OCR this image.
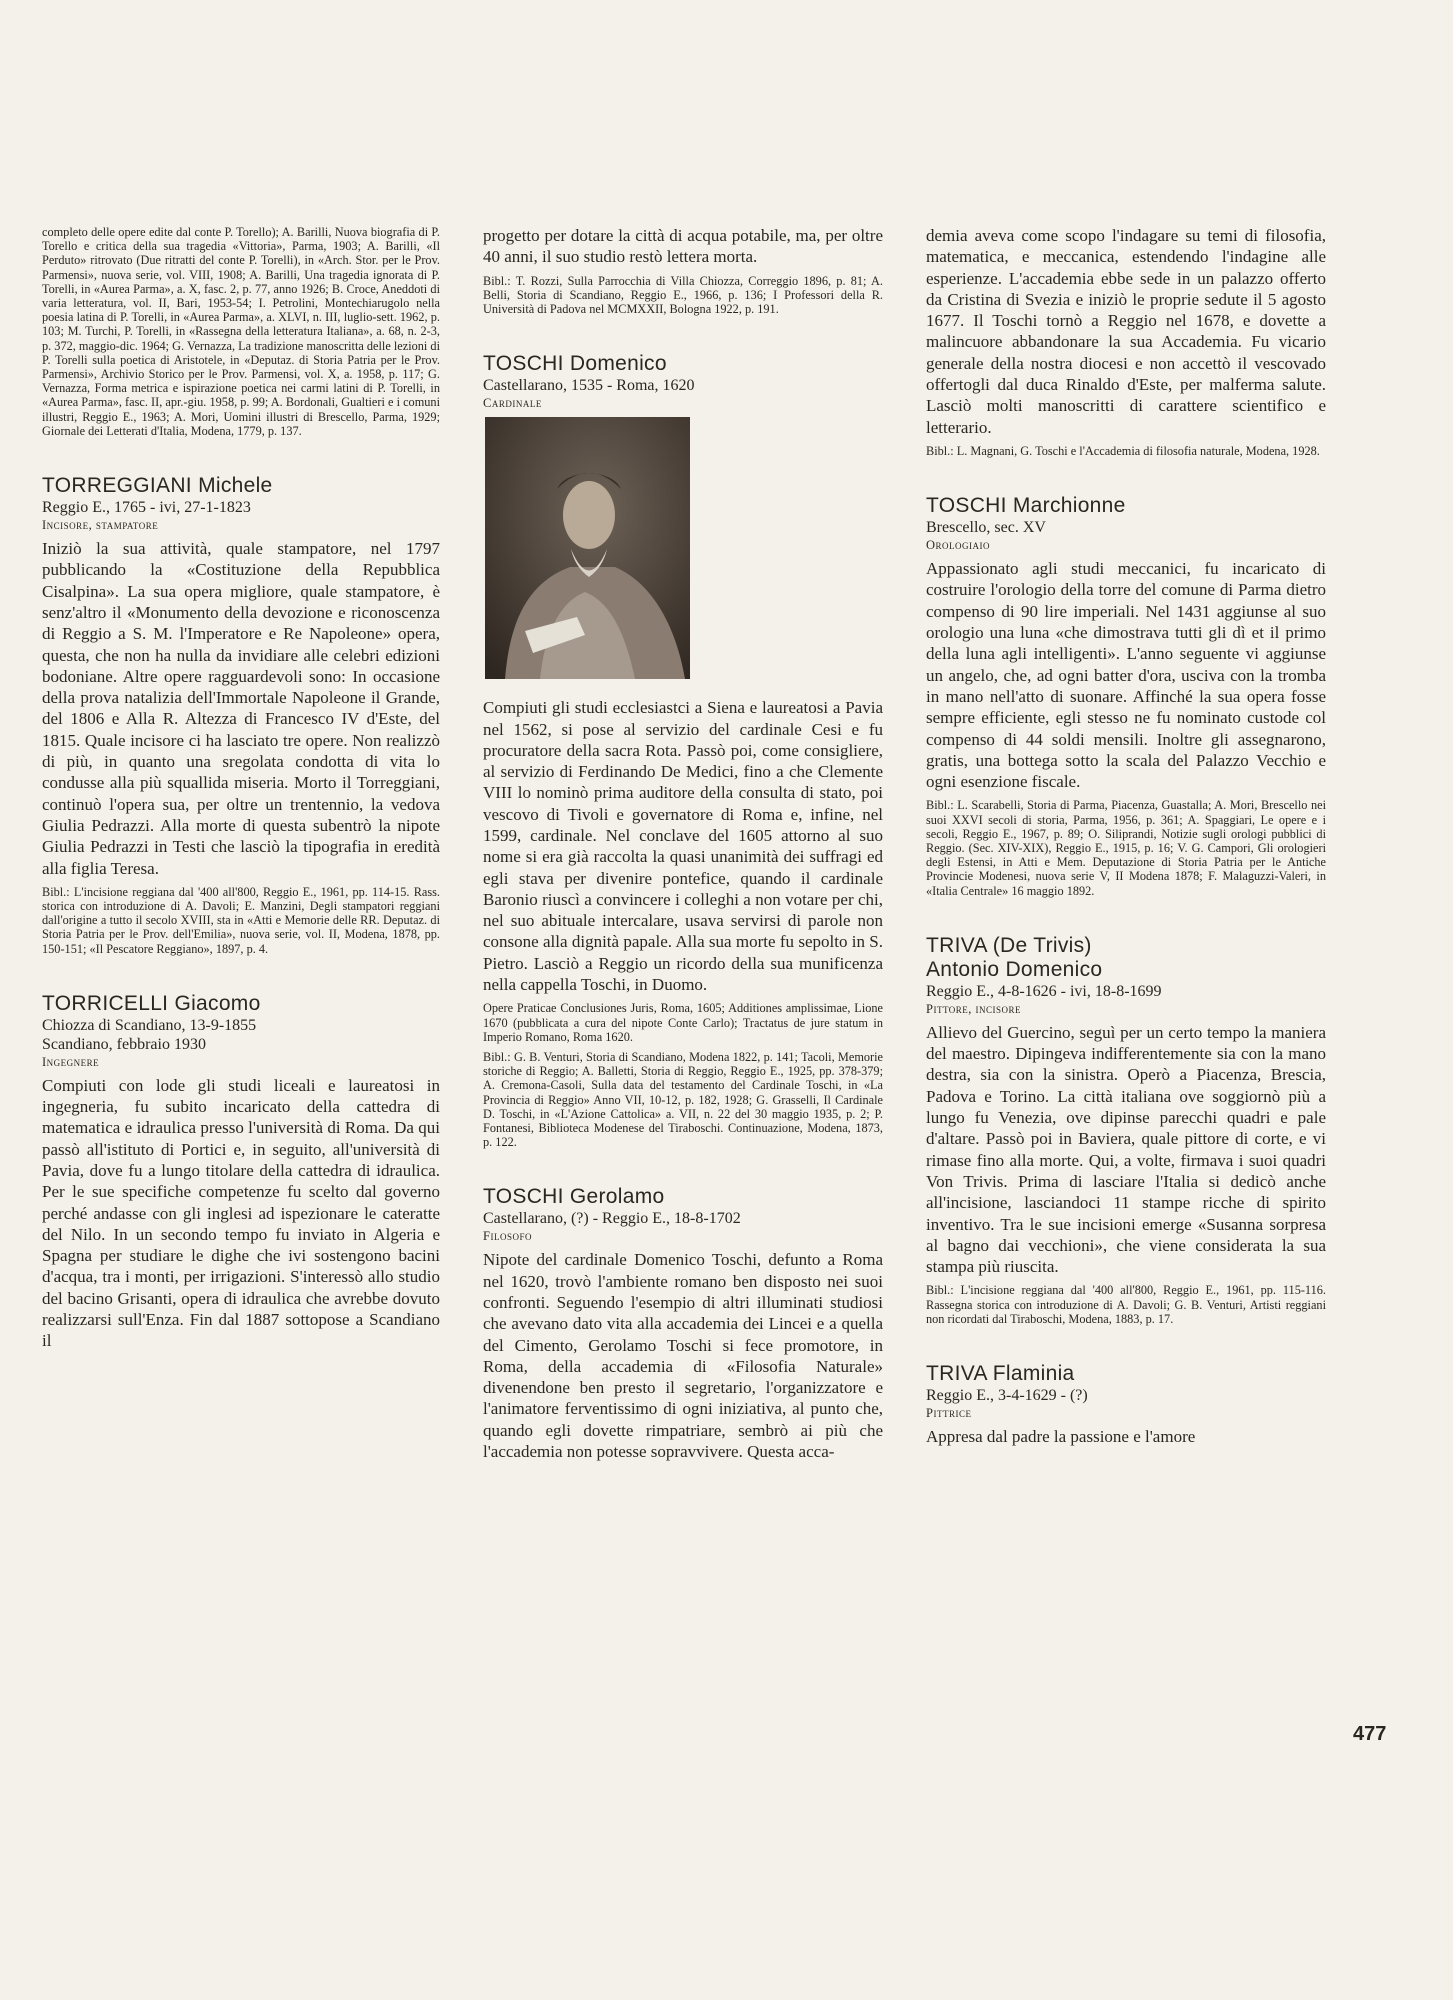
completo delle opere edite dal conte P. Torello); A. Barilli, Nuova biografia di P. Torello e critica della sua tragedia «Vittoria», Parma, 1903; A. Barilli, «Il Perduto» ritrovato (Due ritratti del conte P. Torelli), in «Arch. Stor. per le Prov. Parmensi», nuova serie, vol. VIII, 1908; A. Barilli, Una tragedia ignorata di P. Torelli, in «Aurea Parma», a. X, fasc. 2, p. 77, anno 1926; B. Croce, Aneddoti di varia letteratura, vol. II, Bari, 1953-54; I. Petrolini, Montechiarugolo nella poesia latina di P. Torelli, in «Aurea Parma», a. XLVI, n. III, luglio-sett. 1962, p. 103; M. Turchi, P. Torelli, in «Rassegna della letteratura Italiana», a. 68, n. 2-3, p. 372, maggio-dic. 1964; G. Vernazza, La tradizione manoscritta delle lezioni di P. Torelli sulla poetica di Aristotele, in «Deputaz. di Storia Patria per le Prov. Parmensi», Archivio Storico per le Prov. Parmensi, vol. X, a. 1958, p. 117; G. Vernazza, Forma metrica e ispirazione poetica nei carmi latini di P. Torelli, in «Aurea Parma», fasc. II, apr.-giu. 1958, p. 99; A. Bordonali, Gualtieri e i comuni illustri, Reggio E., 1963; A. Mori, Uomini illustri di Brescello, Parma, 1929; Giornale dei Letterati d'Italia, Modena, 1779, p. 137.

TORREGGIANI Michele
Reggio E., 1765 - ivi, 27-1-1823
Incisore, stampatore

Iniziò la sua attività, quale stampatore, nel 1797 pubblicando la «Costituzione della Repubblica Cisalpina». La sua opera migliore, quale stampatore, è senz'altro il «Monumento della devozione e riconoscenza di Reggio a S. M. l'Imperatore e Re Napoleone» opera, questa, che non ha nulla da invidiare alle celebri edizioni bodoniane. Altre opere ragguardevoli sono: In occasione della prova natalizia dell'Immortale Napoleone il Grande, del 1806 e Alla R. Altezza di Francesco IV d'Este, del 1815. Quale incisore ci ha lasciato tre opere. Non realizzò di più, in quanto una sregolata condotta di vita lo condusse alla più squallida miseria. Morto il Torreggiani, continuò l'opera sua, per oltre un trentennio, la vedova Giulia Pedrazzi. Alla morte di questa subentrò la nipote Giulia Pedrazzi in Testi che lasciò la tipografia in eredità alla figlia Teresa.

Bibl.: L'incisione reggiana dal '400 all'800, Reggio E., 1961, pp. 114-15. Rass. storica con introduzione di A. Davoli; E. Manzini, Degli stampatori reggiani dall'origine a tutto il secolo XVIII, sta in «Atti e Memorie delle RR. Deputaz. di Storia Patria per le Prov. dell'Emilia», nuova serie, vol. II, Modena, 1878, pp. 150-151; «Il Pescatore Reggiano», 1897, p. 4.

TORRICELLI Giacomo
Chiozza di Scandiano, 13-9-1855
Scandiano, febbraio 1930
Ingegnere

Compiuti con lode gli studi liceali e laureatosi in ingegneria, fu subito incaricato della cattedra di matematica e idraulica presso l'università di Roma. Da qui passò all'istituto di Portici e, in seguito, all'università di Pavia, dove fu a lungo titolare della cattedra di idraulica. Per le sue specifiche competenze fu scelto dal governo perché andasse con gli inglesi ad ispezionare le cateratte del Nilo. In un secondo tempo fu inviato in Algeria e Spagna per studiare le dighe che ivi sostengono bacini d'acqua, tra i monti, per irrigazioni. S'interessò allo studio del bacino Grisanti, opera di idraulica che avrebbe dovuto realizzarsi sull'Enza. Fin dal 1887 sottopose a Scandiano il

progetto per dotare la città di acqua potabile, ma, per oltre 40 anni, il suo studio restò lettera morta.

Bibl.: T. Rozzi, Sulla Parrocchia di Villa Chiozza, Correggio 1896, p. 81; A. Belli, Storia di Scandiano, Reggio E., 1966, p. 136; I Professori della R. Università di Padova nel MCMXXII, Bologna 1922, p. 191.

TOSCHI Domenico
Castellarano, 1535 - Roma, 1620
Cardinale

Compiuti gli studi ecclesiastci a Siena e laureatosi a Pavia nel 1562, si pose al servizio del cardinale Cesi e fu procuratore della sacra Rota. Passò poi, come consigliere, al servizio di Ferdinando De Medici, fino a che Clemente VIII lo nominò prima auditore della consulta di stato, poi vescovo di Tivoli e governatore di Roma e, infine, nel 1599, cardinale. Nel conclave del 1605 attorno al suo nome si era già raccolta la quasi unanimità dei suffragi ed egli stava per divenire pontefice, quando il cardinale Baronio riuscì a convincere i colleghi a non votare per chi, nel suo abituale intercalare, usava servirsi di parole non consone alla dignità papale. Alla sua morte fu sepolto in S. Pietro. Lasciò a Reggio un ricordo della sua munificenza nella cappella Toschi, in Duomo.

Opere Praticae Conclusiones Juris, Roma, 1605; Additiones amplissimae, Lione 1670 (pubblicata a cura del nipote Conte Carlo); Tractatus de jure statum in Imperio Romano, Roma 1620.

Bibl.: G. B. Venturi, Storia di Scandiano, Modena 1822, p. 141; Tacoli, Memorie storiche di Reggio; A. Balletti, Storia di Reggio, Reggio E., 1925, pp. 378-379; A. Cremona-Casoli, Sulla data del testamento del Cardinale Toschi, in «La Provincia di Reggio» Anno VII, 10-12, p. 182, 1928; G. Grasselli, Il Cardinale D. Toschi, in «L'Azione Cattolica» a. VII, n. 22 del 30 maggio 1935, p. 2; P. Fontanesi, Biblioteca Modenese del Tiraboschi. Continuazione, Modena, 1873, p. 122.

TOSCHI Gerolamo
Castellarano, (?) - Reggio E., 18-8-1702
Filosofo

Nipote del cardinale Domenico Toschi, defunto a Roma nel 1620, trovò l'ambiente romano ben disposto nei suoi confronti. Seguendo l'esempio di altri illuminati studiosi che avevano dato vita alla accademia dei Lincei e a quella del Cimento, Gerolamo Toschi si fece promotore, in Roma, della accademia di «Filosofia Naturale» divenendone ben presto il segretario, l'organizzatore e l'animatore ferventissimo di ogni iniziativa, al punto che, quando egli dovette rimpatriare, sembrò ai più che l'accademia non potesse sopravvivere. Questa acca-

demia aveva come scopo l'indagare su temi di filosofia, matematica, e meccanica, estendendo l'indagine alle esperienze. L'accademia ebbe sede in un palazzo offerto da Cristina di Svezia e iniziò le proprie sedute il 5 agosto 1677. Il Toschi tornò a Reggio nel 1678, e dovette a malincuore abbandonare la sua Accademia. Fu vicario generale della nostra diocesi e non accettò il vescovado offertogli dal duca Rinaldo d'Este, per malferma salute. Lasciò molti manoscritti di carattere scientifico e letterario.

Bibl.: L. Magnani, G. Toschi e l'Accademia di filosofia naturale, Modena, 1928.

TOSCHI Marchionne
Brescello, sec. XV
Orologiaio

Appassionato agli studi meccanici, fu incaricato di costruire l'orologio della torre del comune di Parma dietro compenso di 90 lire imperiali. Nel 1431 aggiunse al suo orologio una luna «che dimostrava tutti gli dì et il primo della luna agli intelligenti». L'anno seguente vi aggiunse un angelo, che, ad ogni batter d'ora, usciva con la tromba in mano nell'atto di suonare. Affinché la sua opera fosse sempre efficiente, egli stesso ne fu nominato custode col compenso di 44 soldi mensili. Inoltre gli assegnarono, gratis, una bottega sotto la scala del Palazzo Vecchio e ogni esenzione fiscale.

Bibl.: L. Scarabelli, Storia di Parma, Piacenza, Guastalla; A. Mori, Brescello nei suoi XXVI secoli di storia, Parma, 1956, p. 361; A. Spaggiari, Le opere e i secoli, Reggio E., 1967, p. 89; O. Siliprandi, Notizie sugli orologi pubblici di Reggio. (Sec. XIV-XIX), Reggio E., 1915, p. 16; V. G. Campori, Gli orologieri degli Estensi, in Atti e Mem. Deputazione di Storia Patria per le Antiche Provincie Modenesi, nuova serie V, II Modena 1878; F. Malaguzzi-Valeri, in «Italia Centrale» 16 maggio 1892.

TRIVA (De Trivis)
Antonio Domenico
Reggio E., 4-8-1626 - ivi, 18-8-1699
Pittore, incisore

Allievo del Guercino, seguì per un certo tempo la maniera del maestro. Dipingeva indifferentemente sia con la mano destra, sia con la sinistra. Operò a Piacenza, Brescia, Padova e Torino. La città italiana ove soggiornò più a lungo fu Venezia, ove dipinse parecchi quadri e pale d'altare. Passò poi in Baviera, quale pittore di corte, e vi rimase fino alla morte. Qui, a volte, firmava i suoi quadri Von Trivis. Prima di lasciare l'Italia si dedicò anche all'incisione, lasciandoci 11 stampe ricche di spirito inventivo. Tra le sue incisioni emerge «Susanna sorpresa al bagno dai vecchioni», che viene considerata la sua stampa più riuscita.

Bibl.: L'incisione reggiana dal '400 all'800, Reggio E., 1961, pp. 115-116. Rassegna storica con introduzione di A. Davoli; G. B. Venturi, Artisti reggiani non ricordati dal Tiraboschi, Modena, 1883, p. 17.

TRIVA Flaminia
Reggio E., 3-4-1629 - (?)
Pittrice

Appresa dal padre la passione e l'amore

477
